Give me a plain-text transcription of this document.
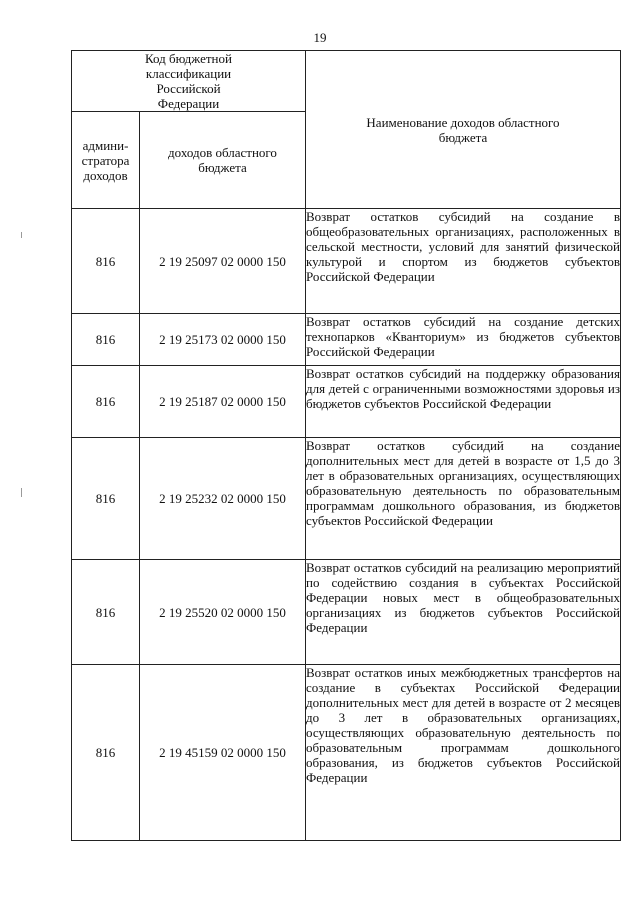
19
Код бюджетной классификации Российской Федерации		Наименование доходов областного бюджета

админи- стратора доходов	доходов областного бюджета	

816	2 19 25097 02 0000 150	Возврат остатков субсидий на создание в общеобразовательных организациях, расположенных в сельской местности, условий для занятий физической культурой и спортом из бюджетов субъектов Российской Федерации
816	2 19 25173 02 0000 150	Возврат остатков субсидий на создание детских технопарков «Кванториум» из бюджетов субъектов Российской Федерации
816	2 19 25187 02 0000 150	Возврат остатков субсидий на поддержку образования для детей с ограниченными возможностями здоровья из бюджетов субъектов Российской Федерации
816	2 19 25232 02 0000 150	Возврат остатков субсидий на создание дополнительных мест для детей в возрасте от 1,5 до 3 лет в образовательных организациях, осуществляющих образовательную деятельность по образовательным программам дошкольного образования, из бюджетов субъектов Российской Федерации
816	2 19 25520 02 0000 150	Возврат остатков субсидий на реализацию мероприятий по содействию создания в субъектах Российской Федерации новых мест в общеобразовательных организациях из бюджетов субъектов Российской Федерации
816	2 19 45159 02 0000 150	Возврат остатков иных межбюджетных трансфертов на создание в субъектах Российской Федерации дополнительных мест для детей в возрасте от 2 месяцев до 3 лет в образовательных организациях, осуществляющих образовательную деятельность по образовательным программам дошкольного образования, из бюджетов субъектов Российской Федерации
